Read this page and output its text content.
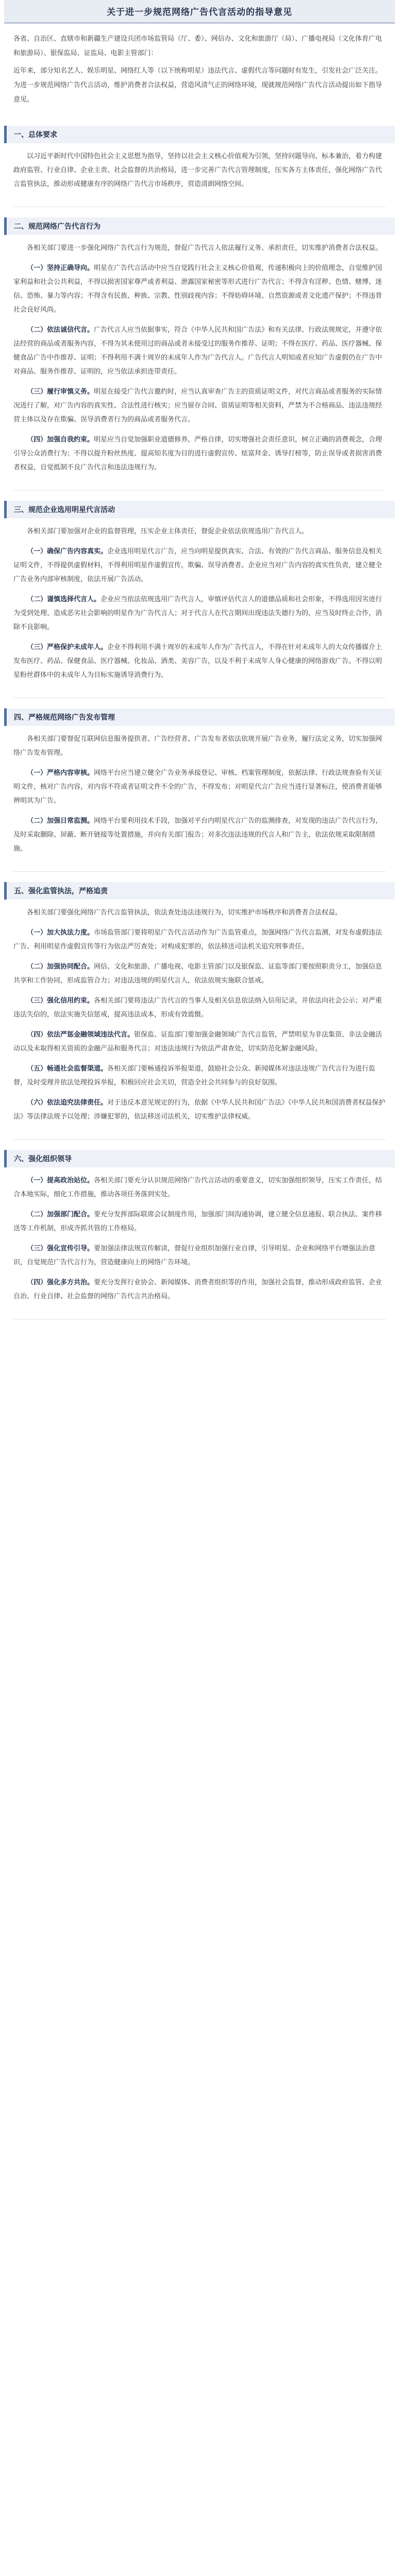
关于进一步规范网络广告代言活动的指导意见

各省、自治区、直辖市和新疆生产建设兵团市场监管局（厅、委）、网信办、文化和旅游厅（局）、广播电视局（文化体育广电和旅游局）、银保监局、证监局、电影主管部门：

近年来，部分知名艺人、娱乐明星、网络红人等（以下统称明星）违法代言、虚假代言等问题时有发生，引发社会广泛关注。为进一步规范网络广告代言活动，维护消费者合法权益，营造风清气正的网络环境，现就规范网络广告代言活动提出如下指导意见。

一、总体要求

以习近平新时代中国特色社会主义思想为指导，坚持以社会主义核心价值观为引领，坚持问题导向、标本兼治，着力构建政府监管、行业自律、企业主责、社会监督的共治格局，进一步完善广告代言管理制度，压实各方主体责任，强化网络广告代言监管执法，推动形成健康有序的网络广告代言市场秩序，营造清朗网络空间。

二、规范网络广告代言行为

各相关部门要进一步强化网络广告代言行为规范，督促广告代言人依法履行义务、承担责任，切实维护消费者合法权益。

（一）坚持正确导向。明星在广告代言活动中应当自觉践行社会主义核心价值观，传递积极向上的价值理念，自觉维护国家利益和社会公共利益，不得以损害国家尊严或者利益、泄露国家秘密等形式进行广告代言；不得含有淫秽、色情、赌博、迷信、恐怖、暴力等内容；不得含有民族、种族、宗教、性别歧视内容；不得妨碍环境、自然资源或者文化遗产保护；不得违背社会良好风尚。

（二）依法诚信代言。广告代言人应当依据事实，符合《中华人民共和国广告法》和有关法律、行政法规规定，并遵守依法经营的商品或者服务内容，不得为其未使用过的商品或者未接受过的服务作推荐、证明；不得在医疗、药品、医疗器械、保健食品广告中作推荐、证明；不得利用不满十周岁的未成年人作为广告代言人。广告代言人明知或者应知广告虚假仍在广告中对商品、服务作推荐、证明的，应当依法承担连带责任。

（三）履行审慎义务。明星在接受广告代言邀约时，应当认真审查广告主的资质证明文件，对代言商品或者服务的实际情况进行了解，对广告内容的真实性、合法性进行核实；应当留存合同、资质证明等相关资料，严禁为不合格商品、违法违规经营主体以及存在欺骗、误导消费者行为的商品或者服务代言。

（四）加强自我约束。明星应当自觉加强职业道德修养，严格自律，切实增强社会责任意识，树立正确的消费观念，合理引导公众消费行为；不得以提升粉丝热度、提高知名度为目的进行虚假宣传、炫富拜金、诱导打榜等，防止误导或者损害消费者权益，自觉抵制不良广告代言和违法违规行为。

三、规范企业选用明星代言活动

各相关部门要加强对企业的监督管理，压实企业主体责任，督促企业依法依规选用广告代言人。

（一）确保广告内容真实。企业选用明星代言广告，应当向明星提供真实、合法、有效的广告代言商品、服务信息及相关证明文件，不得提供虚假材料，不得利用明星作虚假宣传，欺骗、误导消费者。企业应当对广告内容的真实性负责，建立健全广告业务内部审核制度，依法开展广告活动。

（二）谨慎选择代言人。企业应当依法依规选用广告代言人，审慎评估代言人的道德品质和社会形象，不得选用因劣迹行为受到处理、造成恶劣社会影响的明星作为广告代言人；对于代言人在代言期间出现违法失德行为的，应当及时终止合作，消除不良影响。

（三）严格保护未成年人。企业不得利用不满十周岁的未成年人作为广告代言人，不得在针对未成年人的大众传播媒介上发布医疗、药品、保健食品、医疗器械、化妆品、酒类、美容广告，以及不利于未成年人身心健康的网络游戏广告。不得以明星粉丝群体中的未成年人为目标实施诱导消费行为。

四、严格规范网络广告发布管理

各相关部门要督促互联网信息服务提供者、广告经营者、广告发布者依法依规开展广告业务，履行法定义务，切实加强网络广告发布管理。

（一）严格内容审核。网络平台应当建立健全广告业务承接登记、审核、档案管理制度，依据法律、行政法规查验有关证明文件，核对广告内容，对内容不符或者证明文件不全的广告，不得发布；对明星代言广告应当进行显著标注，使消费者能够辨明其为广告。

（二）加强日常监测。网络平台要利用技术手段，加强对平台内明星代言广告的监测排查，对发现的违法广告代言行为，及时采取删除、屏蔽、断开链接等处置措施，并向有关部门报告；对多次违法违规的代言人和广告主，依法依规采取限制措施。

五、强化监管执法，严格追责

各相关部门要强化网络广告代言监管执法，依法查处违法违规行为，切实维护市场秩序和消费者合法权益。

（一）加大执法力度。市场监管部门要将明星广告代言活动作为广告监管重点，加强网络广告代言监测，对发布虚假违法广告、利用明星作虚假宣传等行为依法严厉查处；对构成犯罪的，依法移送司法机关追究刑事责任。

（二）加强协同配合。网信、文化和旅游、广播电视、电影主管部门以及银保监、证监等部门要按照职责分工，加强信息共享和工作协同，形成监管合力；对违法违规的明星代言人，依法依规实施联合惩戒。

（三）强化信用约束。各相关部门要将违法广告代言的当事人及相关信息依法纳入信用记录，并依法向社会公示；对严重违法失信的，依法实施失信惩戒，提高违法成本，形成有效震慑。

（四）依法严惩金融领域违法代言。银保监、证监部门要加强金融领域广告代言监管，严禁明星为非法集资、非法金融活动以及未取得相关资质的金融产品和服务代言；对违法违规行为依法严肃查处，切实防范化解金融风险。

（五）畅通社会监督渠道。各相关部门要畅通投诉举报渠道，鼓励社会公众、新闻媒体对违法违规广告代言行为进行监督，及时受理并依法处理投诉举报，积极回应社会关切，营造全社会共同参与的良好氛围。

（六）依法追究法律责任。对于违反本意见规定的行为，依据《中华人民共和国广告法》《中华人民共和国消费者权益保护法》等法律法规予以处理；涉嫌犯罪的，依法移送司法机关，切实维护法律权威。

六、强化组织领导

（一）提高政治站位。各相关部门要充分认识规范网络广告代言活动的重要意义，切实加强组织领导，压实工作责任，结合本地实际，细化工作措施，推动各项任务落到实处。

（二）加强部门配合。要充分发挥部际联席会议制度作用，加强部门间沟通协调，建立健全信息通报、联合执法、案件移送等工作机制，形成齐抓共管的工作格局。

（三）强化宣传引导。要加强法律法规宣传解读，督促行业组织加强行业自律，引导明星、企业和网络平台增强法治意识，自觉规范广告代言行为，营造健康向上的网络广告环境。

（四）强化多方共治。要充分发挥行业协会、新闻媒体、消费者组织等的作用，加强社会监督，推动形成政府监管、企业自治、行业自律、社会监督的网络广告代言共治格局。
